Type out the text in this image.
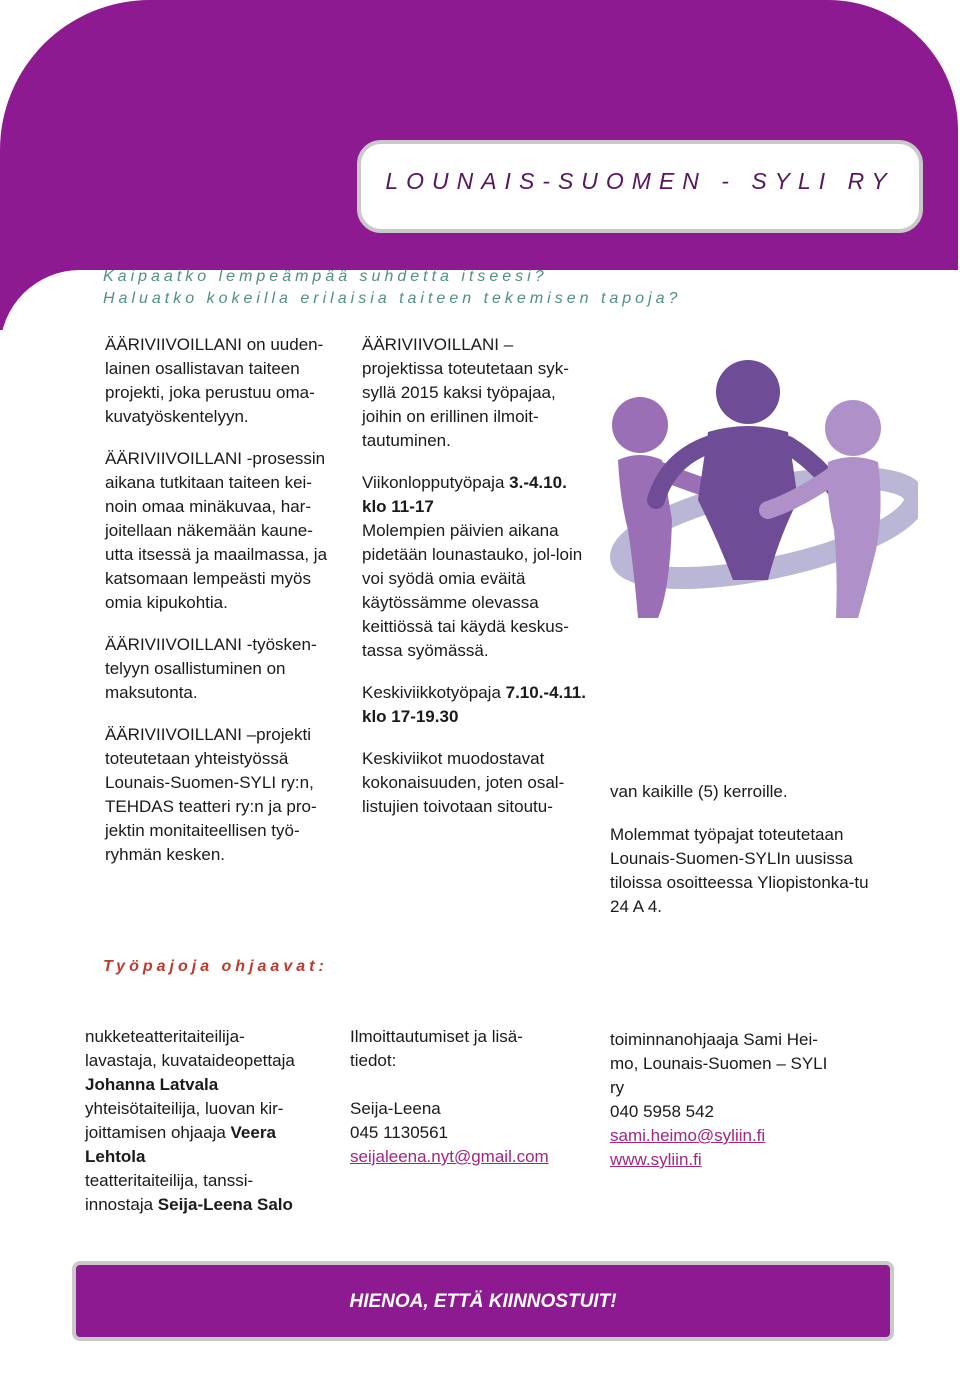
LOUNAIS-SUOMEN - SYLI RY
Kaipaatko lempeämpää suhdetta itseesi?
Haluatko kokeilla erilaisia taiteen tekemisen tapoja?

ÄÄRIVIIVOILLANI on uuden-lainen osallistavan taiteen projekti, joka perustuu oma-kuvatyöskentelyyn.

ÄÄRIVIIVOILLANI -prosessin aikana tutkitaan taiteen kei-noin omaa minäkuvaa, har-joitellaan näkemään kaune-utta itsessä ja maailmassa, ja katsomaan lempeästi myös omia kipukohtia.

ÄÄRIVIIVOILLANI -työsken-telyyn osallistuminen on maksutonta.

ÄÄRIVIIVOILLANI –projekti toteutetaan yhteistyössä Lounais-Suomen-SYLI ry:n, TEHDAS teatteri ry:n ja pro-jektin monitaiteellisen työ-ryhmän kesken.

ÄÄRIVIIVOILLANI – projektissa toteutetaan syk-syllä 2015 kaksi työpajaa, joihin on erillinen ilmoit-tautuminen.

Viikonlopputyöpaja 3.-4.10. klo 11-17

Molempien päivien aikana pidetään lounastauko, jol-loin voi syödä omia eväitä käytössämme olevassa keittiössä tai käydä keskus-tassa syömässä.

Keskiviikkotyöpaja 7.10.-4.11. klo 17-19.30

Keskiviikot muodostavat kokonaisuuden, joten osal-listujien toivotaan sitoutu-

van kaikille (5) kerroille.

Molemmat työpajat toteutetaan Lounais-Suomen-SYLIn uusissa tiloissa osoitteessa Yliopistonka-tu 24 A 4.

Työpajoja ohjaavat:
nukketeatteritaiteilija-
lavastaja, kuvataideopettaja
Johanna Latvala
yhteisötaiteilija, luovan kir-
joittamisen ohjaaja Veera
Lehtola
teatteritaiteilija, tanssi-
innostaja Seija-Leena Salo
Ilmoittautumiset ja lisä-
tiedot:
Seija-Leena
045 1130561
seijaleena.nyt@gmail.com
toiminnanohjaaja Sami Hei-
mo, Lounais-Suomen – SYLI
ry
040 5958 542
sami.heimo@syliin.fi
www.syliin.fi
HIENOA, ETTÄ KIINNOSTUIT!
